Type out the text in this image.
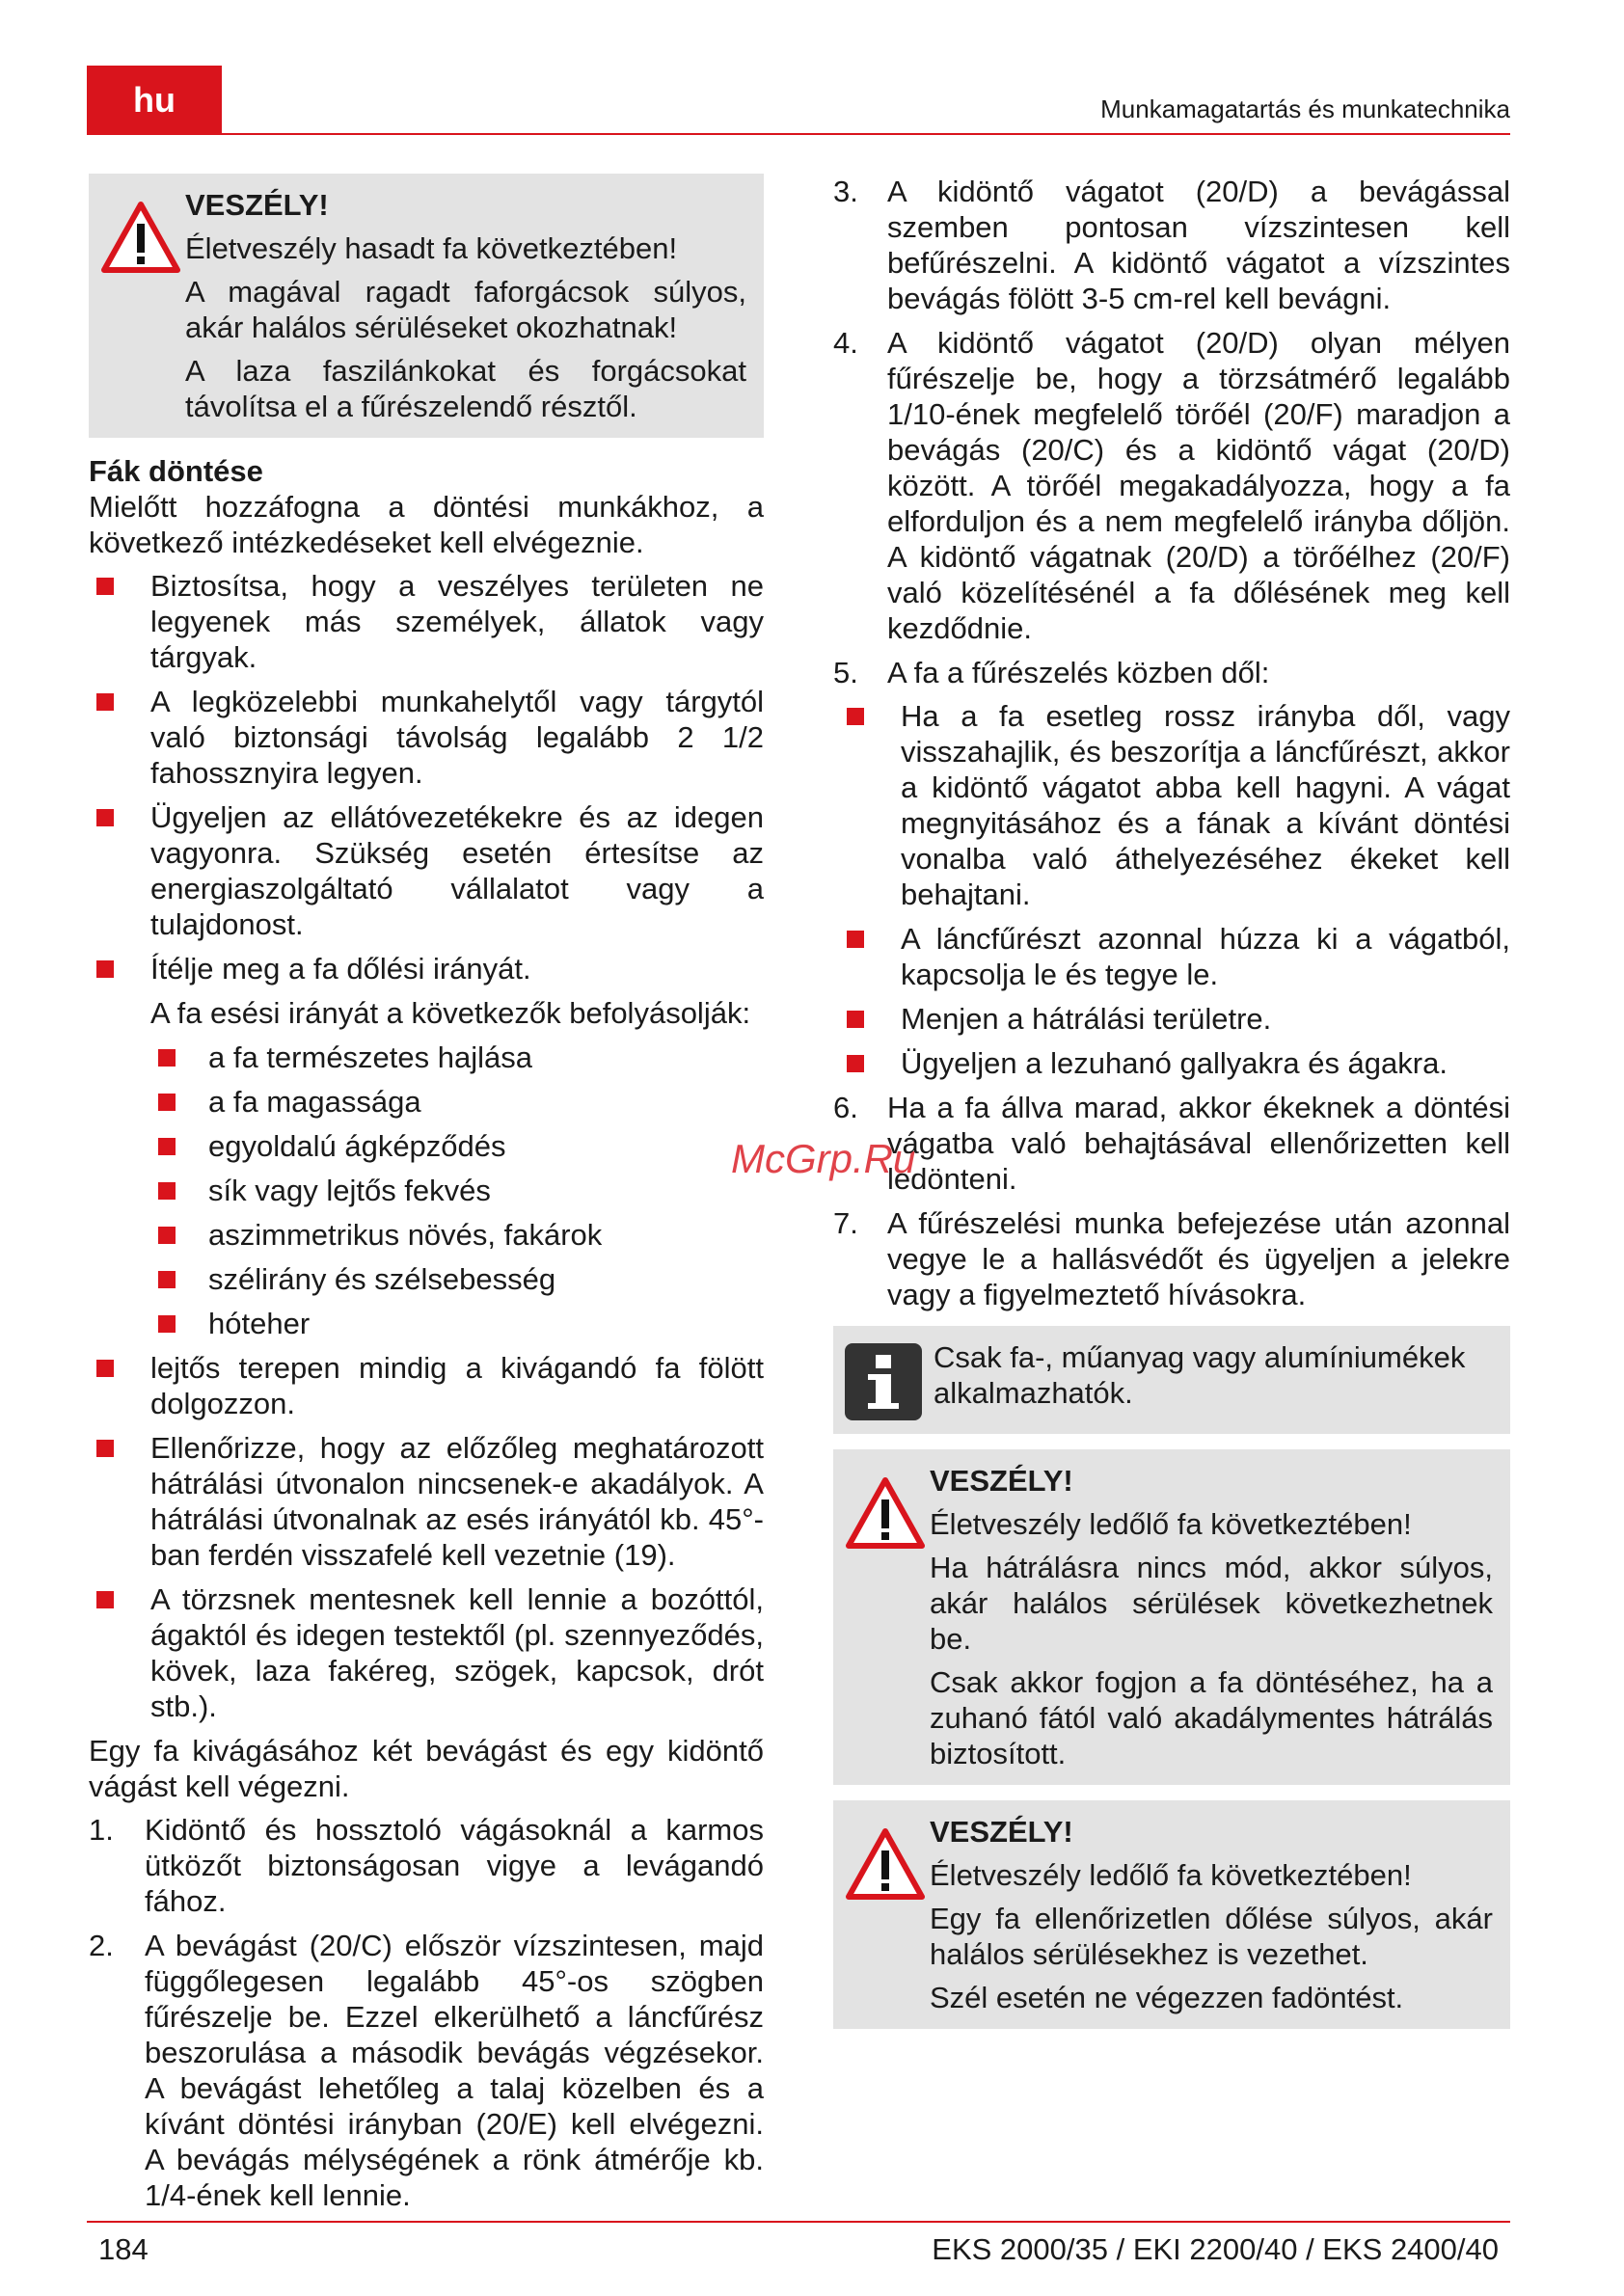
hu	Munkamagatartás és munkatechnika
McGrp.Ru
VESZÉLY!
Életveszély hasadt fa következtében!
A magával ragadt faforgácsok súlyos, akár halálos sérüléseket okozhatnak!
A laza faszilánkokat és forgácsokat távolítsa el a fűrészelendő résztől.
Fák döntése

Mielőtt hozzáfogna a döntési munkákhoz, a következő intézkedéseket kell elvégeznie.

Biztosítsa, hogy a veszélyes területen ne legyenek más személyek, állatok vagy tárgyak.
A legközelebbi munkahelytől vagy tárgytól való biztonsági távolság legalább 2 1/2 fahossznyira legyen.
Ügyeljen az ellátóvezetékekre és az idegen vagyonra. Szükség esetén értesítse az energiaszolgáltató vállalatot vagy a tulajdonost.
Ítélje meg a fa dőlési irányát.
A fa esési irányát a következők befolyásolják:
a fa természetes hajlása
a fa magassága
egyoldalú ágképződés
sík vagy lejtős fekvés
aszimmetrikus növés, fakárok
szélirány és szélsebesség
hóteher
lejtős terepen mindig a kivágandó fa fölött dolgozzon.
Ellenőrizze, hogy az előzőleg meghatározott hátrálási útvonalon nincsenek-e akadályok. A hátrálási útvonalnak az esés irányától kb. 45°-ban ferdén visszafelé kell vezetnie (19).
A törzsnek mentesnek kell lennie a bozóttól, ágaktól és idegen testektől (pl. szennyeződés, kövek, laza fakéreg, szögek, kapcsok, drót stb.).

Egy fa kivágásához két bevágást és egy kidöntő vágást kell végezni.

1. Kidöntő és hossztoló vágásoknál a karmos ütközőt biztonságosan vigye a levágandó fához.
2. A bevágást (20/C) először vízszintesen, majd függőlegesen legalább 45°-os szögben fűrészelje be. Ezzel elkerülhető a láncfűrész beszorulása a második bevágás végzésekor. A bevágást lehetőleg a talaj közelben és a kívánt döntési irányban (20/E) kell elvégezni. A bevágás mélységének a rönk átmérője kb. 1/4-ének kell lennie.
3. A kidöntő vágatot (20/D) a bevágással szemben pontosan vízszintesen kell befűrészelni. A kidöntő vágatot a vízszintes bevágás fölött 3-5 cm-rel kell bevágni.
4. A kidöntő vágatot (20/D) olyan mélyen fűrészelje be, hogy a törzsátmérő legalább 1/10-ének megfelelő törőél (20/F) maradjon a bevágás (20/C) és a kidöntő vágat (20/D) között. A törőél megakadályozza, hogy a fa elforduljon és a nem megfelelő irányba dőljön. A kidöntő vágatnak (20/D) a törőélhez (20/F) való közelítésénél a fa dőlésének meg kell kezdődnie.
5. A fa a fűrészelés közben dől:
Ha a fa esetleg rossz irányba dől, vagy visszahajlik, és beszorítja a láncfűrészt, akkor a kidöntő vágatot abba kell hagyni. A vágat megnyitásához és a fának a kívánt döntési vonalba való áthelyezéséhez ékeket kell behajtani.
A láncfűrészt azonnal húzza ki a vágatból, kapcsolja le és tegye le.
Menjen a hátrálási területre.
Ügyeljen a lezuhanó gallyakra és ágakra.
6. Ha a fa állva marad, akkor ékeknek a döntési vágatba való behajtásával ellenőrizetten kell ledönteni.
7. A fűrészelési munka befejezése után azonnal vegye le a hallásvédőt és ügyeljen a jelekre vagy a figyelmeztető hívásokra.
Csak fa-, műanyag vagy alumíniumékek alkalmazhatók.
VESZÉLY!
Életveszély ledőlő fa következtében!
Ha hátrálásra nincs mód, akkor súlyos, akár halálos sérülések következhetnek be.
Csak akkor fogjon a fa döntéséhez, ha a zuhanó fától való akadálymentes hátrálás biztosított.
VESZÉLY!
Életveszély ledőlő fa következtében!
Egy fa ellenőrizetlen dőlése súlyos, akár halálos sérülésekhez is vezethet.
Szél esetén ne végezzen fadöntést.
184	EKS 2000/35 / EKI 2200/40 / EKS 2400/40
